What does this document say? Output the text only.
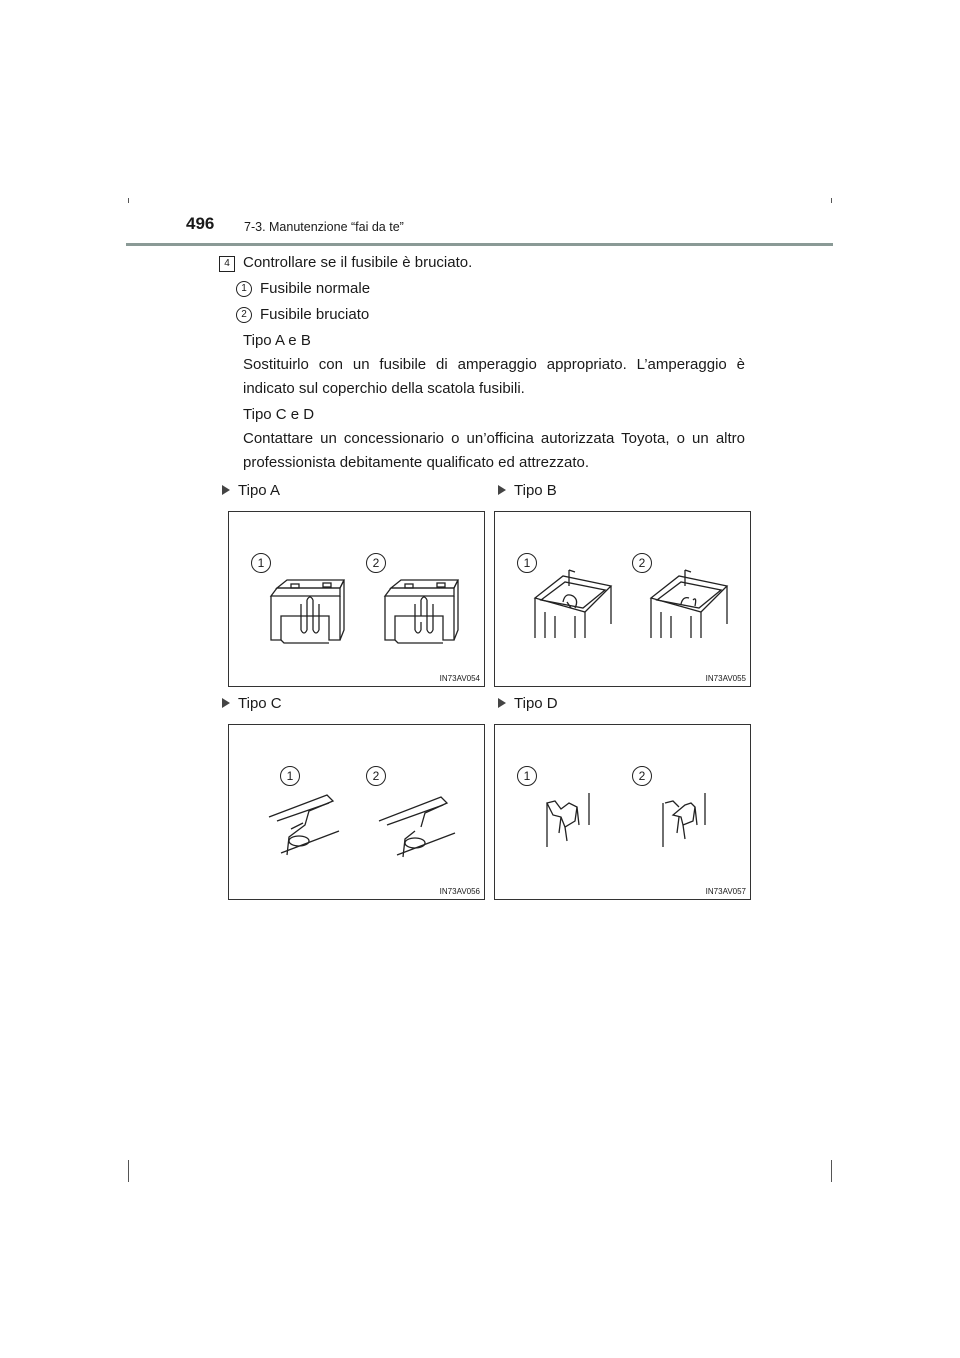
496 7-3. Manutenzione “fai da te”
4 Controllare se il fusibile è bruciato.
1 Fusibile normale
2 Fusibile bruciato
Tipo A e B
Sostituirlo con un fusibile di amperaggio appropriato. L’amperaggio è indicato sul coperchio della scatola fusibili.
Tipo C e D
Contattare un concessionario o un’officina autorizzata Toyota, o un altro professionista debitamente qualificato ed attrezzato.
Tipo A	Tipo B
Tipo C	Tipo D
1	2
IN73AV054
1	2
IN73AV055
1	2
IN73AV056
1	2
IN73AV057
